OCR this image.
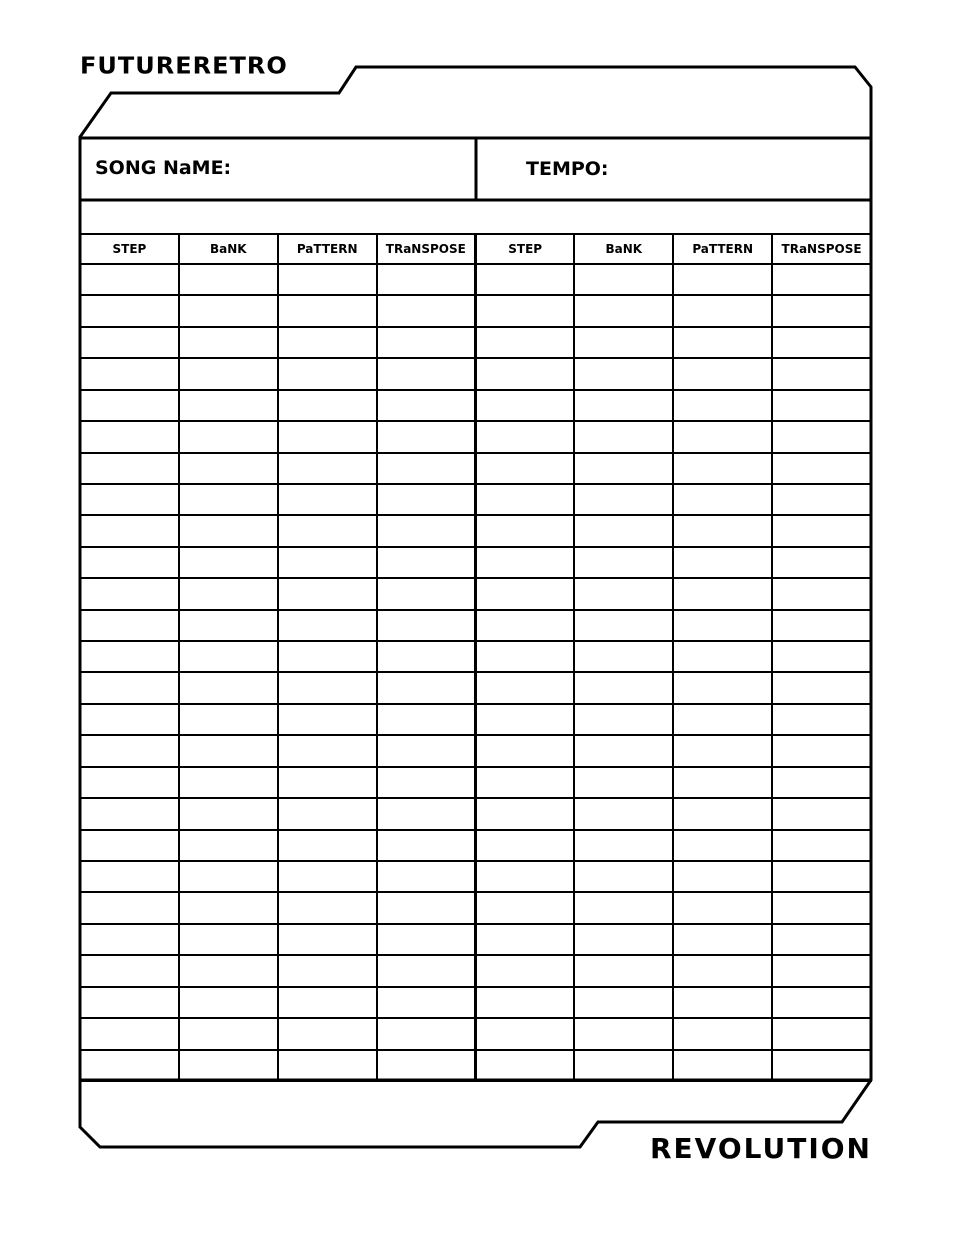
FUTURERETRO
SONG NaME:	TEMPO:
STEP	BaNK	PaTTERN	TRaNSPOSE	STEP	BaNK	PaTTERN	TRaNSPOSE

REVOLUTION
